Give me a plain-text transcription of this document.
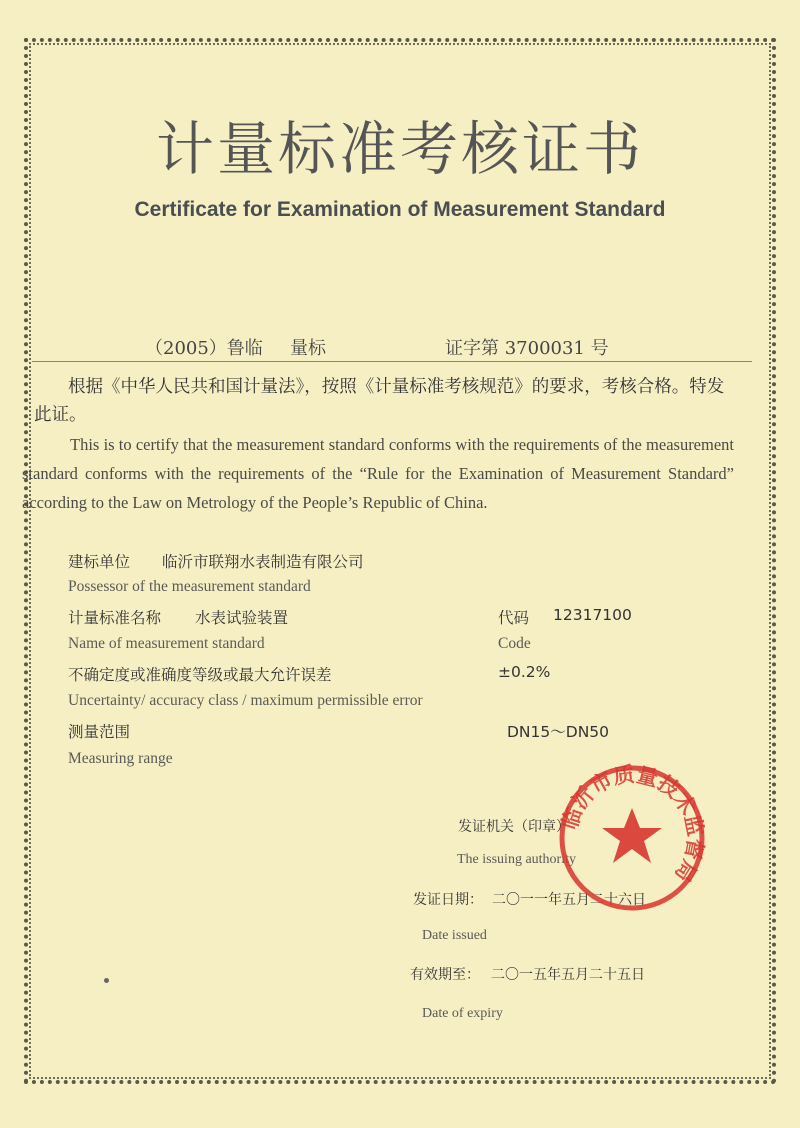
计量标准考核证书
Certificate for Examination of Measurement Standard
（2005）鲁临 量标	证字第 3700031 号
根据《中华人民共和国计量法》，按照《计量标准考核规范》的要求，考核合格。特发此证。
This is to certify that the measurement standard conforms with the requirements of the measurement standard conforms with the requirements of the “Rule for the Examination of Measurement Standard” according to the Law on Metrology of the People’s Republic of China.
建标单位 临沂市联翔水表制造有限公司
Possessor of the measurement standard
计量标准名称 水表试验装置	代码 12317100
Name of measurement standard	Code
不确定度或准确度等级或最大允许误差	±0.2%
Uncertainty/ accuracy class / maximum permissible error
测量范围	DN15～DN50
Measuring range
发证机关（印章）
The issuing authority
发证日期： 二〇一一年五月二十六日
Date issued
有效期至： 二〇一五年五月二十五日
Date of expiry
临沂市质量技术监督局
